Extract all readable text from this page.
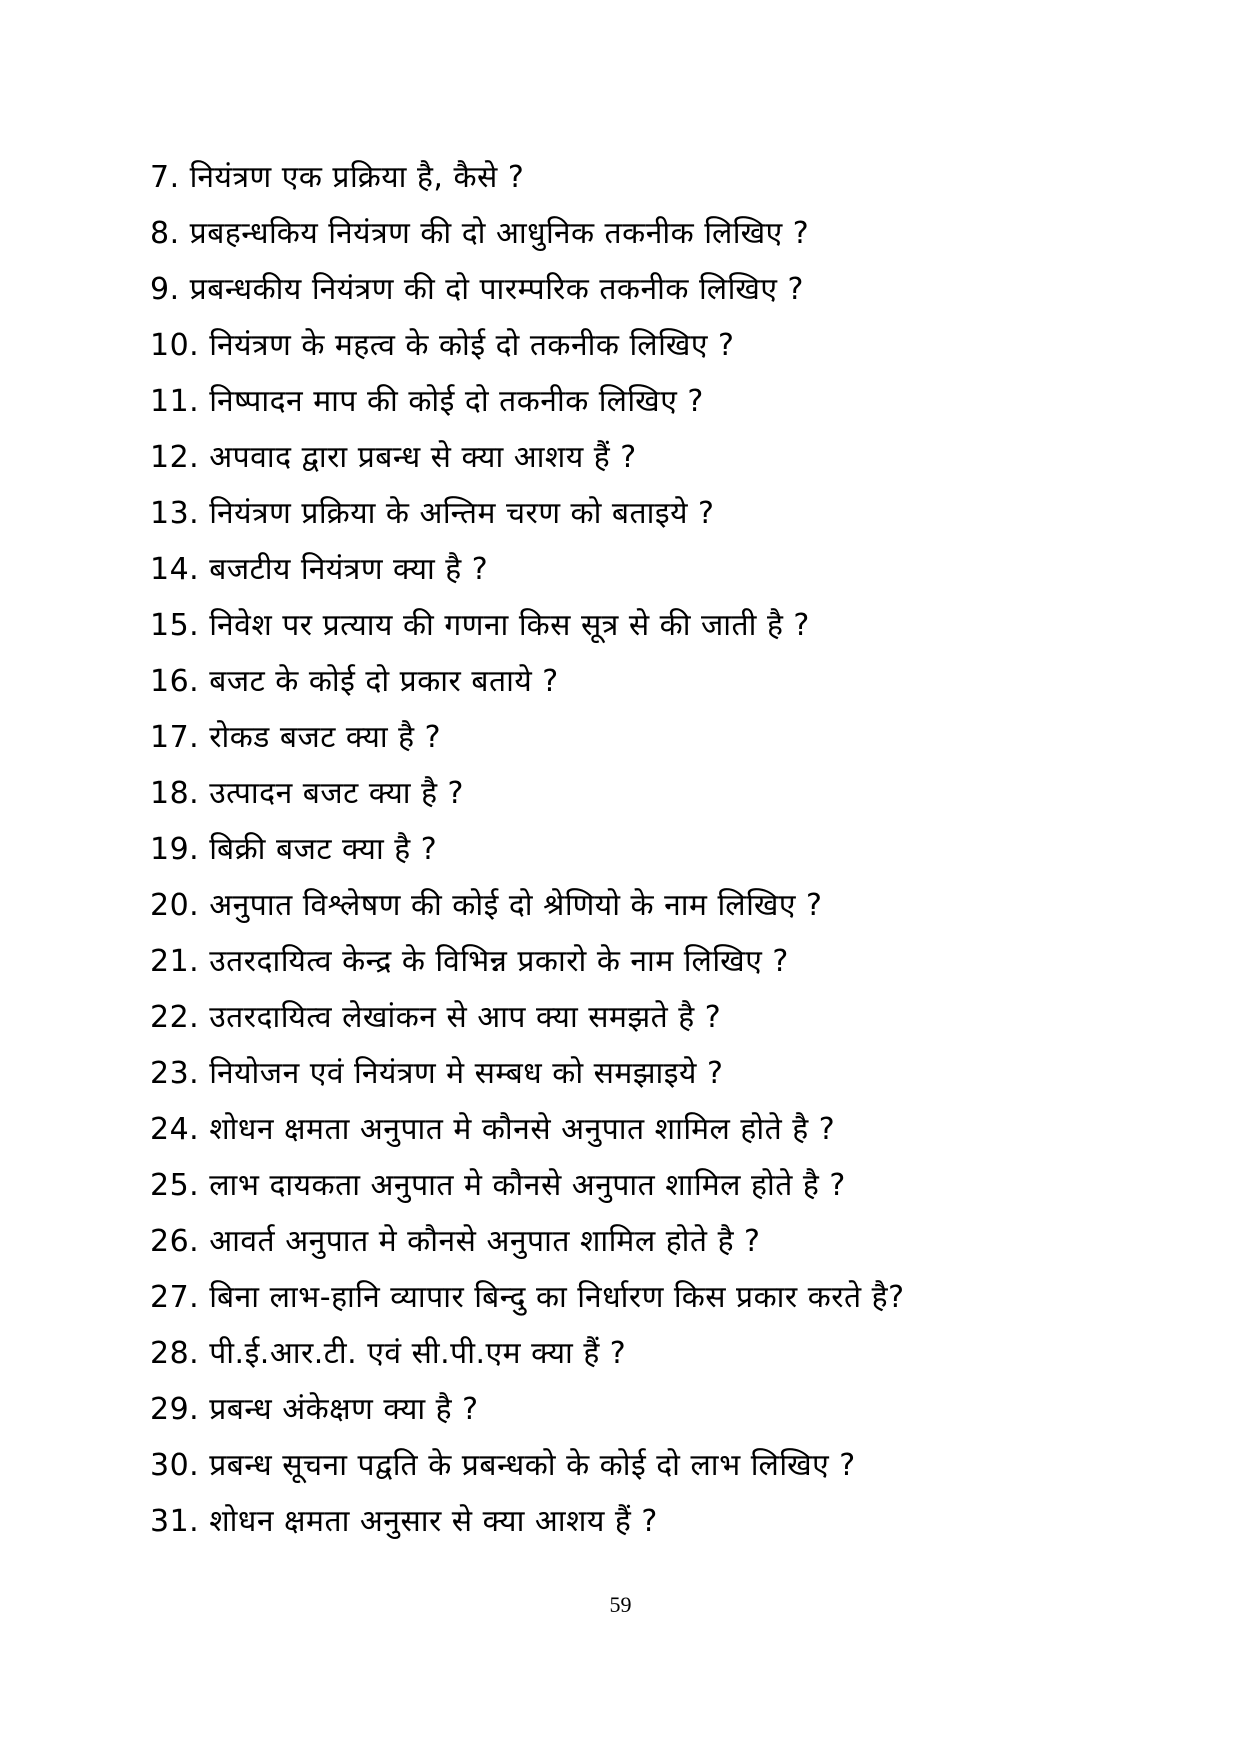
7. नियंत्रण एक प्रक्रिया है, कैसे ?
8. प्रबहन्धकिय नियंत्रण की दो आधुनिक तकनीक लिखिए ?
9. प्रबन्धकीय नियंत्रण की दो पारम्परिक तकनीक लिखिए ?
10. नियंत्रण के महत्व के कोई दो तकनीक लिखिए ?
11. निष्पादन माप की कोई दो तकनीक लिखिए ?
12. अपवाद द्वारा प्रबन्ध से क्या आशय हैं ?
13. नियंत्रण प्रक्रिया के अन्तिम चरण को बताइये ?
14. बजटीय नियंत्रण क्या है ?
15. निवेश पर प्रत्याय की गणना किस सूत्र से की जाती है ?
16. बजट के कोई दो प्रकार बताये ?
17. रोकड बजट क्या है ?
18. उत्पादन बजट क्या है ?
19. बिक्री बजट क्या है ?
20. अनुपात विश्लेषण की कोई दो श्रेणियो के नाम लिखिए ?
21. उतरदायित्व केन्द्र के विभिन्न प्रकारो के नाम लिखिए ?
22. उतरदायित्व लेखांकन से आप क्या समझते है ?
23. नियोजन एवं नियंत्रण मे सम्बध को समझाइये ?
24. शोधन क्षमता अनुपात मे कौनसे अनुपात शामिल होते है ?
25. लाभ दायकता अनुपात मे कौनसे अनुपात शामिल होते है ?
26. आवर्त अनुपात मे कौनसे अनुपात शामिल होते है ?
27. बिना लाभ-हानि व्यापार बिन्दु का निर्धारण किस प्रकार करते है?
28. पी.ई.आर.टी. एवं सी.पी.एम क्या हैं ?
29. प्रबन्ध अंकेक्षण क्या है ?
30. प्रबन्ध सूचना पद्वति के प्रबन्धको के कोई दो लाभ लिखिए ?
31. शोधन क्षमता अनुसार से क्या आशय हैं ?
59
